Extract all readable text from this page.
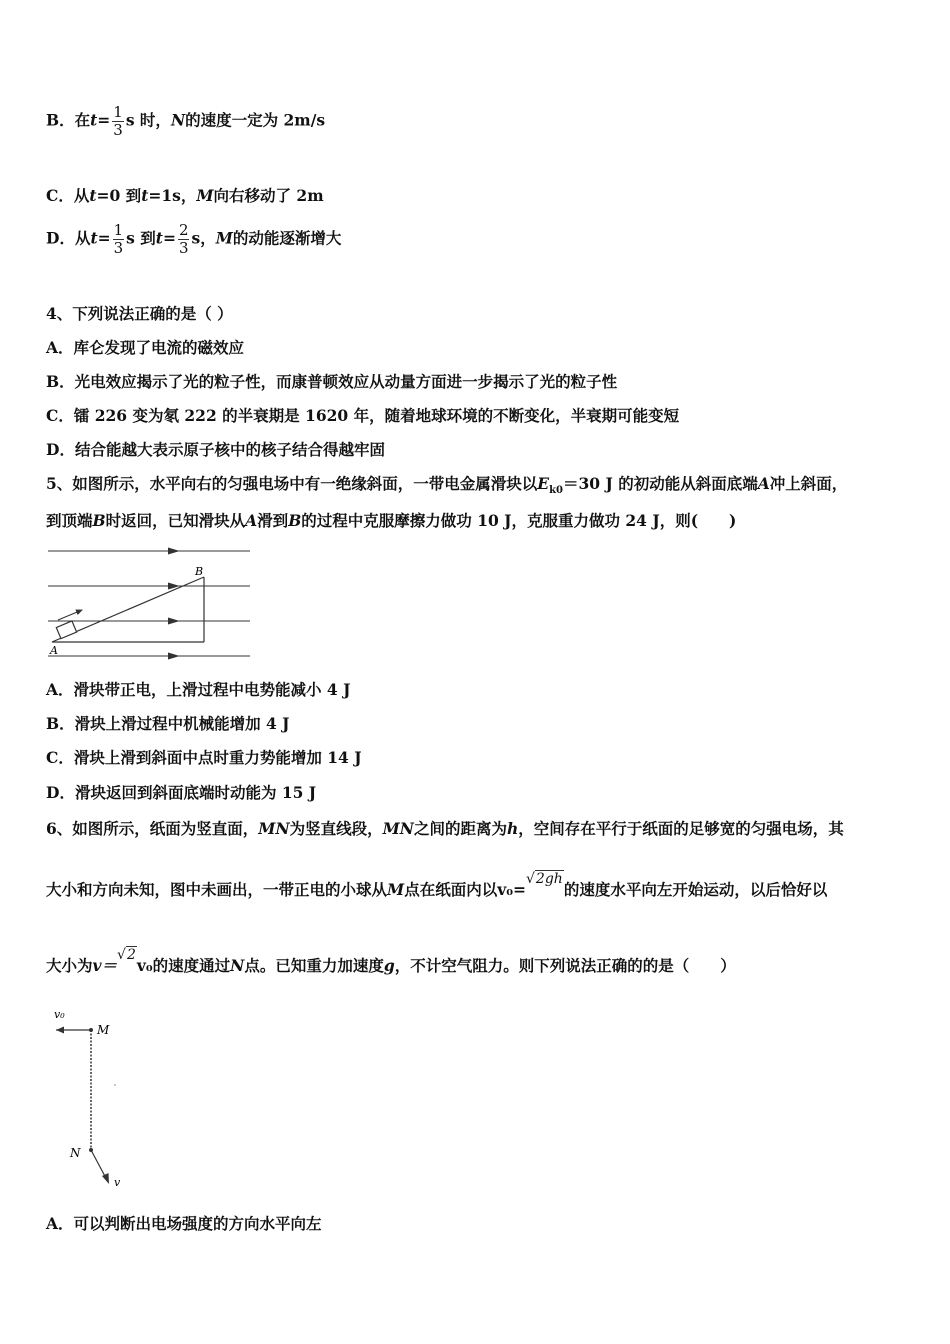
B．在$t= \frac{1}{3}$ s 时，N的速度一定为 2m/s
C．从t=0 到t=1s，M向右移动了 2m
D．从$t= \frac{1}{3}$ s 到$t= \frac{2}{3}$ s，M的动能逐渐增大
4、下列说法正确的是（ ）
A．库仑发现了电流的磁效应
B．光电效应揭示了光的粒子性，而康普顿效应从动量方面进一步揭示了光的粒子性
C．镭 226 变为氡 222 的半衰期是 1620 年，随着地球环境的不断变化，半衰期可能变短
D．结合能越大表示原子核中的核子结合得越牢固
5、如图所示，水平向右的匀强电场中有一绝缘斜面，一带电金属滑块以$E_{k0}=30$ J 的初动能从斜面底端A冲上斜面，
到顶端B时返回，已知滑块从A滑到B的过程中克服摩擦力做功 10 J，克服重力做功 24 J，则(　　)
A
B
A．滑块带正电，上滑过程中电势能减小 4 J
B．滑块上滑过程中机械能增加 4 J
C．滑块上滑到斜面中点时重力势能增加 14 J
D．滑块返回到斜面底端时动能为 15 J
6、如图所示，纸面为竖直面，MN为竖直线段，MN之间的距离为h，空间存在平行于纸面的足够宽的匀强电场，其
大小和方向未知，图中未画出，一带正电的小球从M点在纸面内以v₀=√2gh的速度水平向左开始运动，以后恰好以
大小为v＝√2v₀的速度通过N点。已知重力加速度g，不计空气阻力。则下列说法正确的的是（　　）
v₀
M
N
v
A．可以判断出电场强度的方向水平向左
